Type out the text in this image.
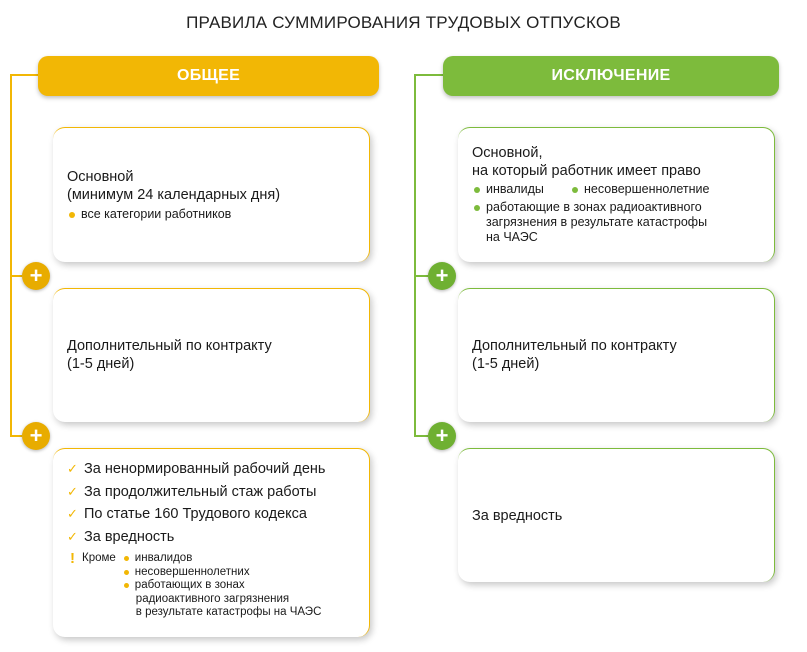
ПРАВИЛА СУММИРОВАНИЯ ТРУДОВЫХ ОТПУСКОВ
ОБЩЕЕ
Основной
(минимум 24 календарных дня)
все категории работников
+
Дополнительный по контракту
(1-5 дней)
+
✓ За ненормированный рабочий день
✓ За продолжительный стаж работы
✓ По статье 160 Трудового кодекса
✓ За вредность
! Кроме инвалидов
несовершеннолетних
работающих в зонах
радиоактивного загрязнения
в результате катастрофы на ЧАЭС
ИСКЛЮЧЕНИЕ
Основной,
на который работник имеет право
инвалиды	несовершеннолетние
работающие в зонах радиоактивного
загрязнения в результате катастрофы
на ЧАЭС
+
Дополнительный по контракту
(1-5 дней)
+
За вредность
